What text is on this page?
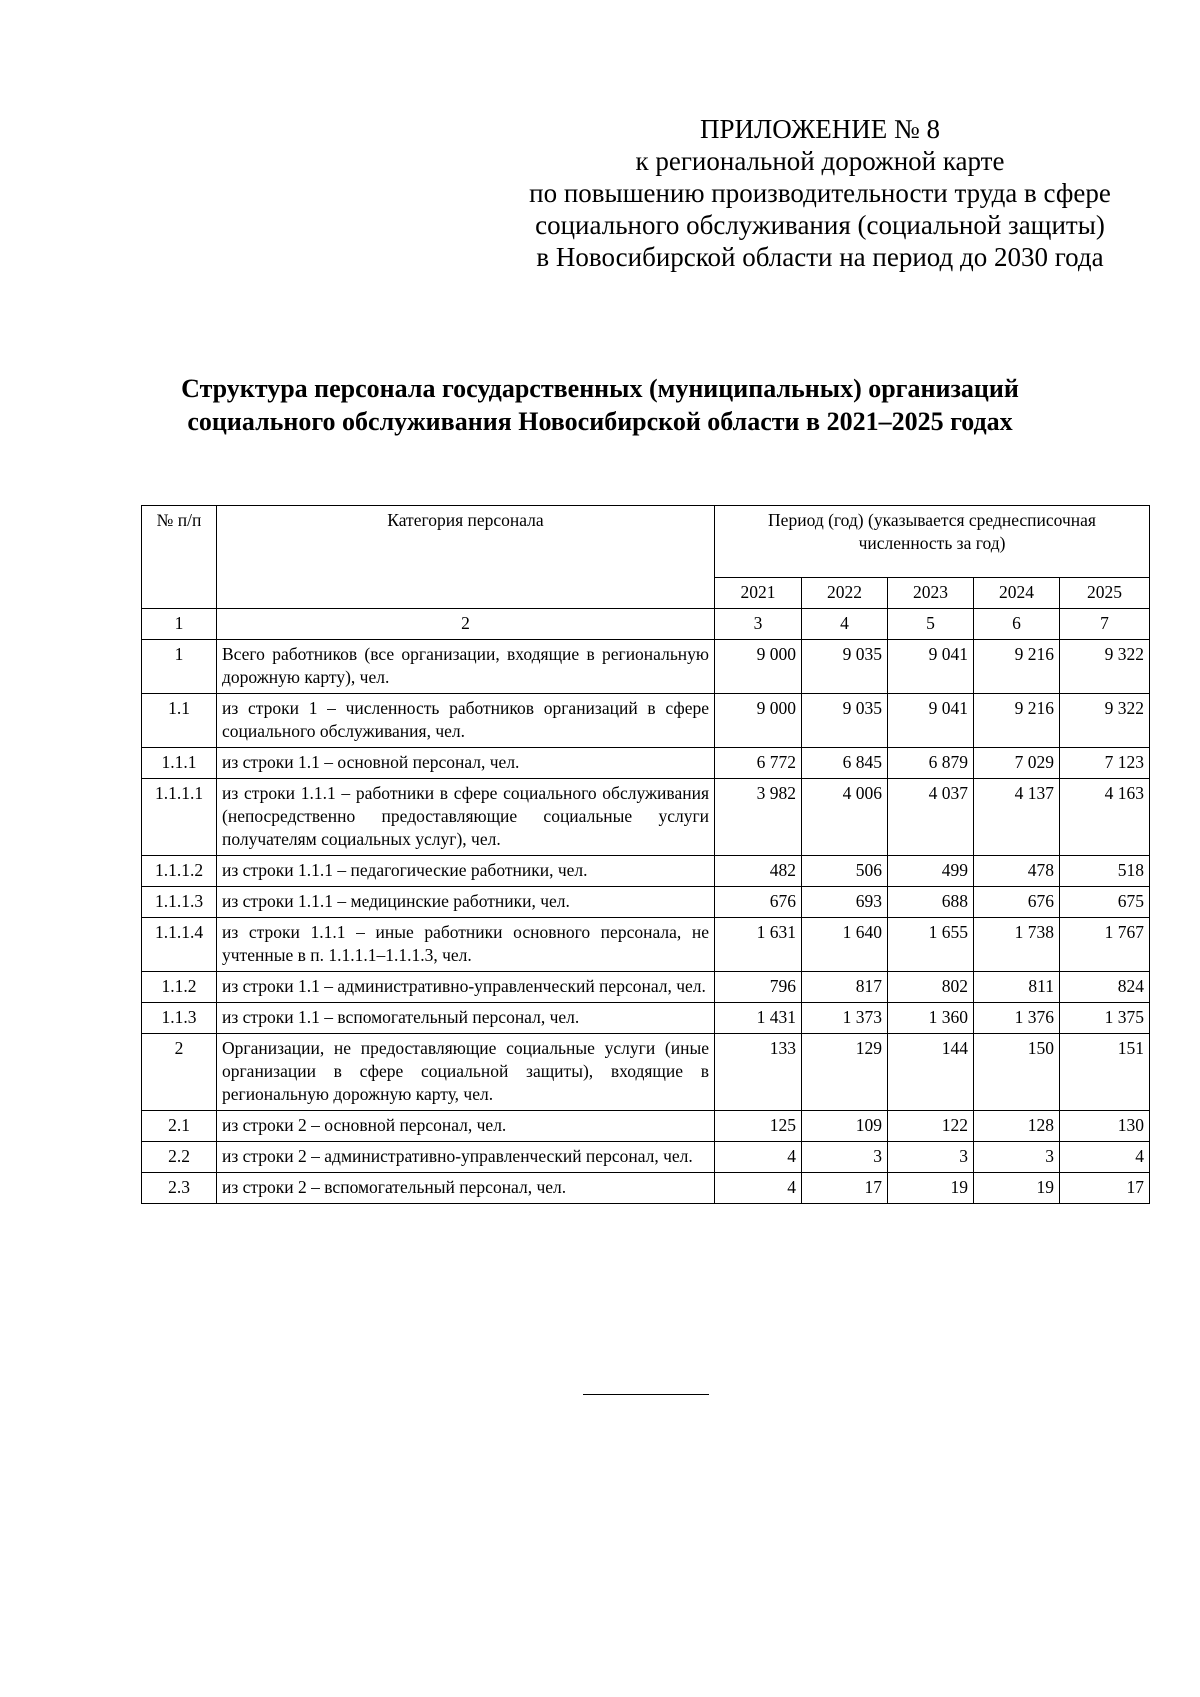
ПРИЛОЖЕНИЕ № 8
к региональной дорожной карте
по повышению производительности труда в сфере
социального обслуживания (социальной защиты)
в Новосибирской области на период до 2030 года
Структура персонала государственных (муниципальных) организаций
социального обслуживания Новосибирской области в 2021–2025 годах
№ п/п	Категория персонала	Период (год) (указывается среднесписочная численность за год)				
		2021	2022	2023	2024	2025
1	2	3	4	5	6	7
1	Всего работников (все организации, входящие в региональную дорожную карту), чел.	9 000	9 035	9 041	9 216	9 322
1.1	из строки 1 – численность работников организаций в сфере социального обслуживания, чел.	9 000	9 035	9 041	9 216	9 322
1.1.1	из строки 1.1 – основной персонал, чел.	6 772	6 845	6 879	7 029	7 123
1.1.1.1	из строки 1.1.1 – работники в сфере социального обслуживания (непосредственно предоставляющие социальные услуги получателям социальных услуг), чел.	3 982	4 006	4 037	4 137	4 163
1.1.1.2	из строки 1.1.1 – педагогические работники, чел.	482	506	499	478	518
1.1.1.3	из строки 1.1.1 – медицинские работники, чел.	676	693	688	676	675
1.1.1.4	из строки 1.1.1 – иные работники основного персонала, не учтенные в п. 1.1.1.1–1.1.1.3, чел.	1 631	1 640	1 655	1 738	1 767
1.1.2	из строки 1.1 – административно-управленческий персонал, чел.	796	817	802	811	824
1.1.3	из строки 1.1 – вспомогательный персонал, чел.	1 431	1 373	1 360	1 376	1 375
2	Организации, не предоставляющие социальные услуги (иные организации в сфере социальной защиты), входящие в региональную дорожную карту, чел.	133	129	144	150	151
2.1	из строки 2 – основной персонал, чел.	125	109	122	128	130
2.2	из строки 2 – административно-управленческий персонал, чел.	4	3	3	3	4
2.3	из строки 2 – вспомогательный персонал, чел.	4	17	19	19	17
